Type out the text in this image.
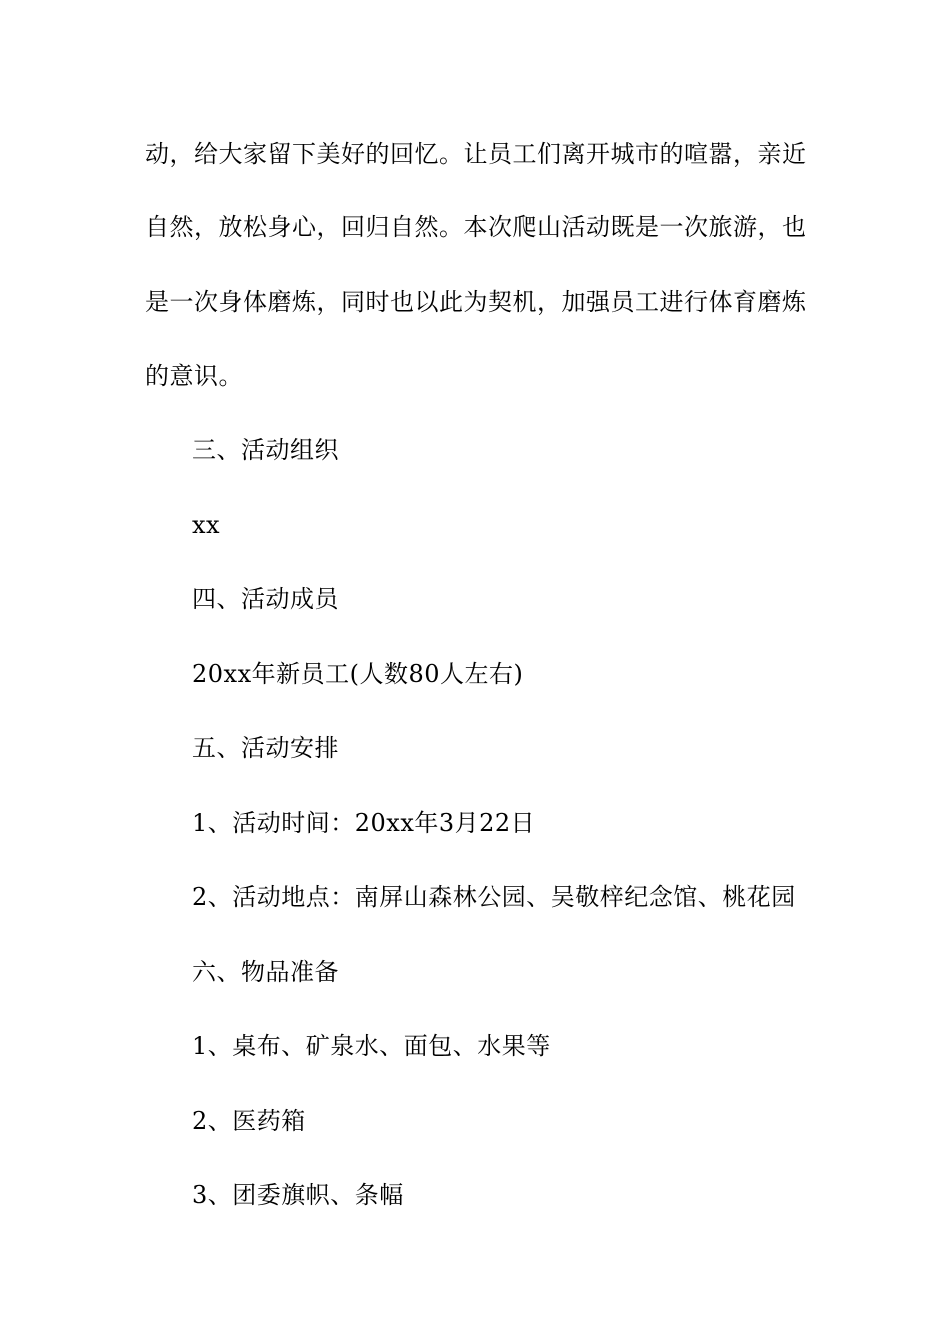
动，给大家留下美好的回忆。让员工们离开城市的喧嚣，亲近
自然，放松身心，回归自然。本次爬山活动既是一次旅游，也
是一次身体磨炼，同时也以此为契机，加强员工进行体育磨炼
的意识。
三、活动组织
xx
四、活动成员
20xx年新员工(人数80人左右)
五、活动安排
1、活动时间：20xx年3月22日
2、活动地点：南屏山森林公园、吴敬梓纪念馆、桃花园
六、物品准备
1、桌布、矿泉水、面包、水果等
2、医药箱
3、团委旗帜、条幅
